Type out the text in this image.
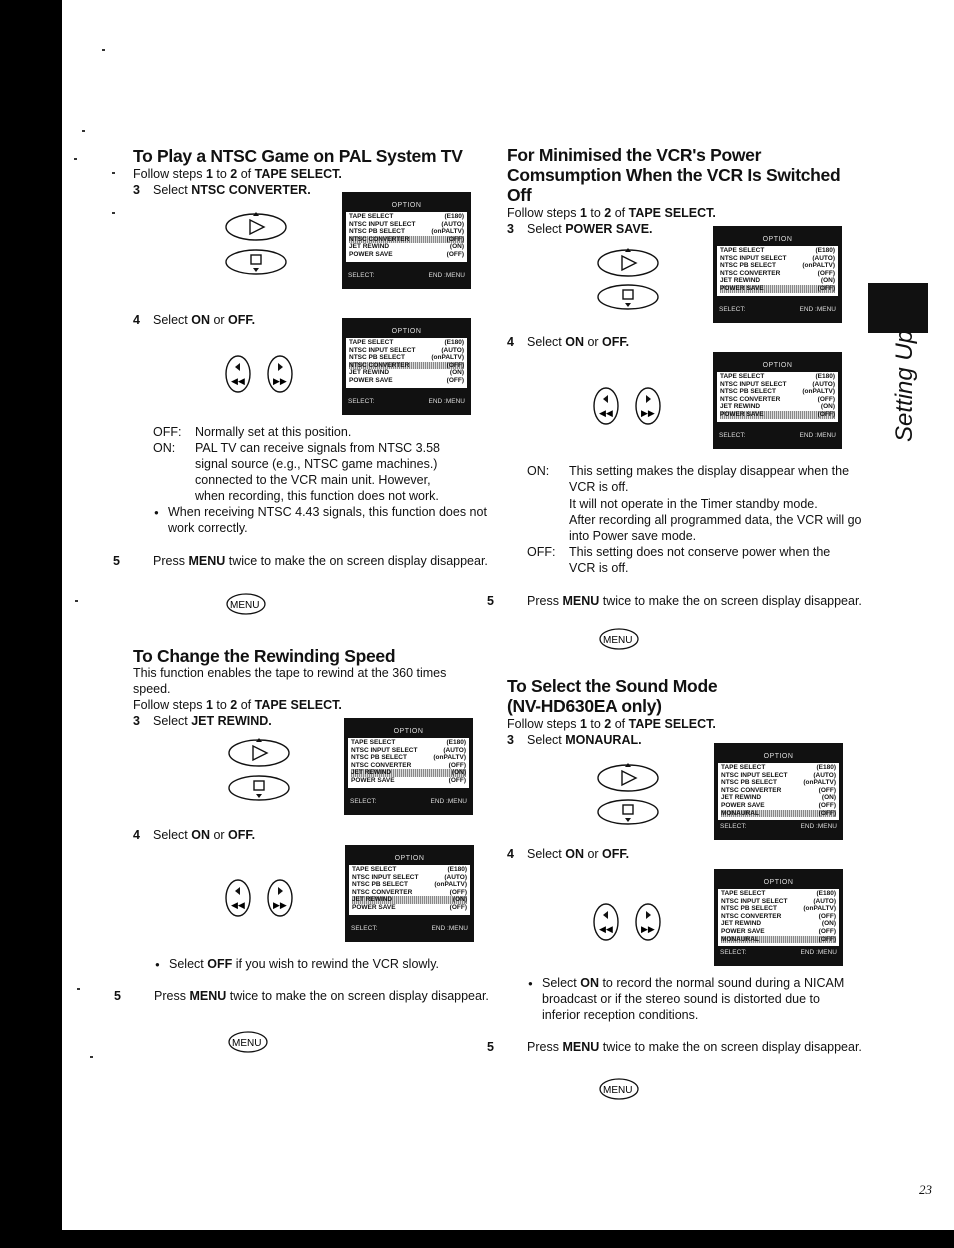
To Play a NTSC Game on PAL System TV

Follow steps 1 to 2 of TAPE SELECT.

3 Select NTSC CONVERTER.

OPTION
TAPE SELECT	(E180)
NTSC INPUT SELECT	(AUTO)
NTSC PB SELECT	(onPALTV)
NTSC CONVERTER	(OFF)
JET REWIND	(ON)
POWER SAVE	(OFF)
SELECT:	END :MENU

4 Select ON or OFF.

◀◀	▶▶
OPTION
TAPE SELECT	(E180)
NTSC INPUT SELECT	(AUTO)
NTSC PB SELECT	(onPALTV)
NTSC CONVERTER	(OFF)
JET REWIND	(ON)
POWER SAVE	(OFF)
SELECT:	END :MENU
OFF: Normally set at this position.
ON: PAL TV can receive signals from NTSC 3.58 signal source (e.g., NTSC game machines.) connected to the VCR main unit. However, when recording, this function does not work.
● When receiving NTSC 4.43 signals, this function does not work correctly.

5	Press MENU twice to make the on screen display disappear.

MENU
To Change the Rewinding Speed
This function enables the tape to rewind at the 360 times speed.

Follow steps 1 to 2 of TAPE SELECT.

3 Select JET REWIND.

OPTION
TAPE SELECT	(E180)
NTSC INPUT SELECT	(AUTO)
NTSC PB SELECT	(onPALTV)
NTSC CONVERTER	(OFF)
JET REWIND	(ON)
POWER SAVE	(OFF)
SELECT:	END :MENU

4 Select ON or OFF.

◀◀	▶▶
OPTION
TAPE SELECT	(E180)
NTSC INPUT SELECT	(AUTO)
NTSC PB SELECT	(onPALTV)
NTSC CONVERTER	(OFF)
JET REWIND	(ON)
POWER SAVE	(OFF)
SELECT:	END :MENU

● Select OFF if you wish to rewind the VCR slowly.

5	Press MENU twice to make the on screen display disappear.

MENU
For Minimised the VCR's Power
Comsumption When the VCR Is Switched
Off

Follow steps 1 to 2 of TAPE SELECT.

3 Select POWER SAVE.

OPTION
TAPE SELECT	(E180)
NTSC INPUT SELECT	(AUTO)
NTSC PB SELECT	(onPALTV)
NTSC CONVERTER	(OFF)
JET REWIND	(ON)
POWER SAVE	(OFF)
SELECT:	END :MENU

4 Select ON or OFF.

◀◀	▶▶
OPTION
TAPE SELECT	(E180)
NTSC INPUT SELECT	(AUTO)
NTSC PB SELECT	(onPALTV)
NTSC CONVERTER	(OFF)
JET REWIND	(ON)
POWER SAVE	(OFF)
SELECT:	END :MENU
ON: This setting makes the display disappear when the VCR is off.
It will not operate in the Timer standby mode.
After recording all programmed data, the VCR will go into Power save mode.
OFF: This setting does not conserve power when the VCR is off.

5	Press MENU twice to make the on screen display disappear.

MENU
To Select the Sound Mode
(NV-HD630EA only)

Follow steps 1 to 2 of TAPE SELECT.

3 Select MONAURAL.

OPTION
TAPE SELECT	(E180)
NTSC INPUT SELECT	(AUTO)
NTSC PB SELECT	(onPALTV)
NTSC CONVERTER	(OFF)
JET REWIND	(ON)
POWER SAVE	(OFF)
MONAURAL	(OFF)
SELECT:	END :MENU

4 Select ON or OFF.

◀◀	▶▶
OPTION
TAPE SELECT	(E180)
NTSC INPUT SELECT	(AUTO)
NTSC PB SELECT	(onPALTV)
NTSC CONVERTER	(OFF)
JET REWIND	(ON)
POWER SAVE	(OFF)
MONAURAL	(OFF)
SELECT:	END :MENU

● Select ON to record the normal sound during a NICAM broadcast or if the stereo sound is distorted due to inferior reception conditions.

5	Press MENU twice to make the on screen display disappear.

MENU
Setting Up
23
